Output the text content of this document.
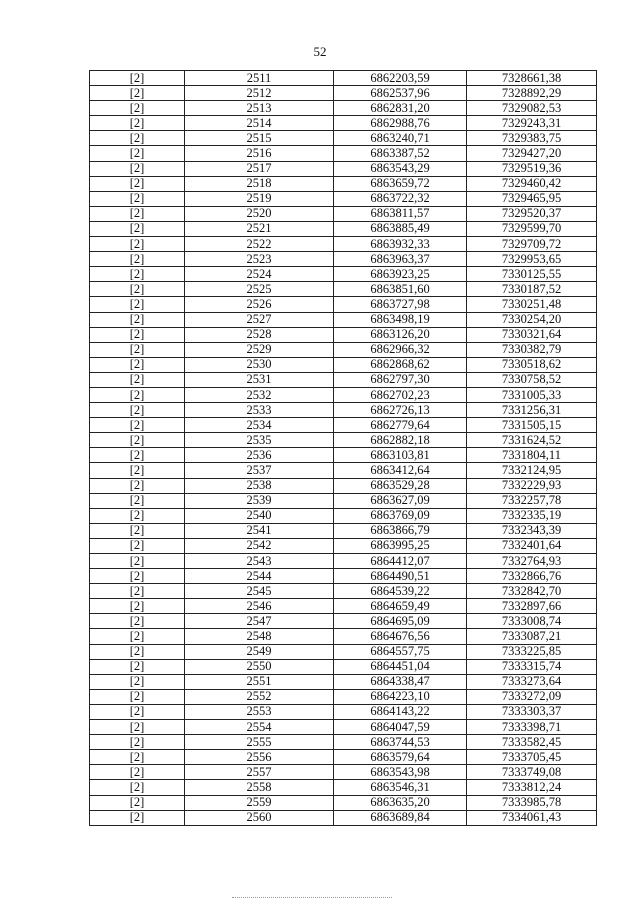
52
[2]	2511	6862203,59	7328661,38
[2]	2512	6862537,96	7328892,29
[2]	2513	6862831,20	7329082,53
[2]	2514	6862988,76	7329243,31
[2]	2515	6863240,71	7329383,75
[2]	2516	6863387,52	7329427,20
[2]	2517	6863543,29	7329519,36
[2]	2518	6863659,72	7329460,42
[2]	2519	6863722,32	7329465,95
[2]	2520	6863811,57	7329520,37
[2]	2521	6863885,49	7329599,70
[2]	2522	6863932,33	7329709,72
[2]	2523	6863963,37	7329953,65
[2]	2524	6863923,25	7330125,55
[2]	2525	6863851,60	7330187,52
[2]	2526	6863727,98	7330251,48
[2]	2527	6863498,19	7330254,20
[2]	2528	6863126,20	7330321,64
[2]	2529	6862966,32	7330382,79
[2]	2530	6862868,62	7330518,62
[2]	2531	6862797,30	7330758,52
[2]	2532	6862702,23	7331005,33
[2]	2533	6862726,13	7331256,31
[2]	2534	6862779,64	7331505,15
[2]	2535	6862882,18	7331624,52
[2]	2536	6863103,81	7331804,11
[2]	2537	6863412,64	7332124,95
[2]	2538	6863529,28	7332229,93
[2]	2539	6863627,09	7332257,78
[2]	2540	6863769,09	7332335,19
[2]	2541	6863866,79	7332343,39
[2]	2542	6863995,25	7332401,64
[2]	2543	6864412,07	7332764,93
[2]	2544	6864490,51	7332866,76
[2]	2545	6864539,22	7332842,70
[2]	2546	6864659,49	7332897,66
[2]	2547	6864695,09	7333008,74
[2]	2548	6864676,56	7333087,21
[2]	2549	6864557,75	7333225,85
[2]	2550	6864451,04	7333315,74
[2]	2551	6864338,47	7333273,64
[2]	2552	6864223,10	7333272,09
[2]	2553	6864143,22	7333303,37
[2]	2554	6864047,59	7333398,71
[2]	2555	6863744,53	7333582,45
[2]	2556	6863579,64	7333705,45
[2]	2557	6863543,98	7333749,08
[2]	2558	6863546,31	7333812,24
[2]	2559	6863635,20	7333985,78
[2]	2560	6863689,84	7334061,43
